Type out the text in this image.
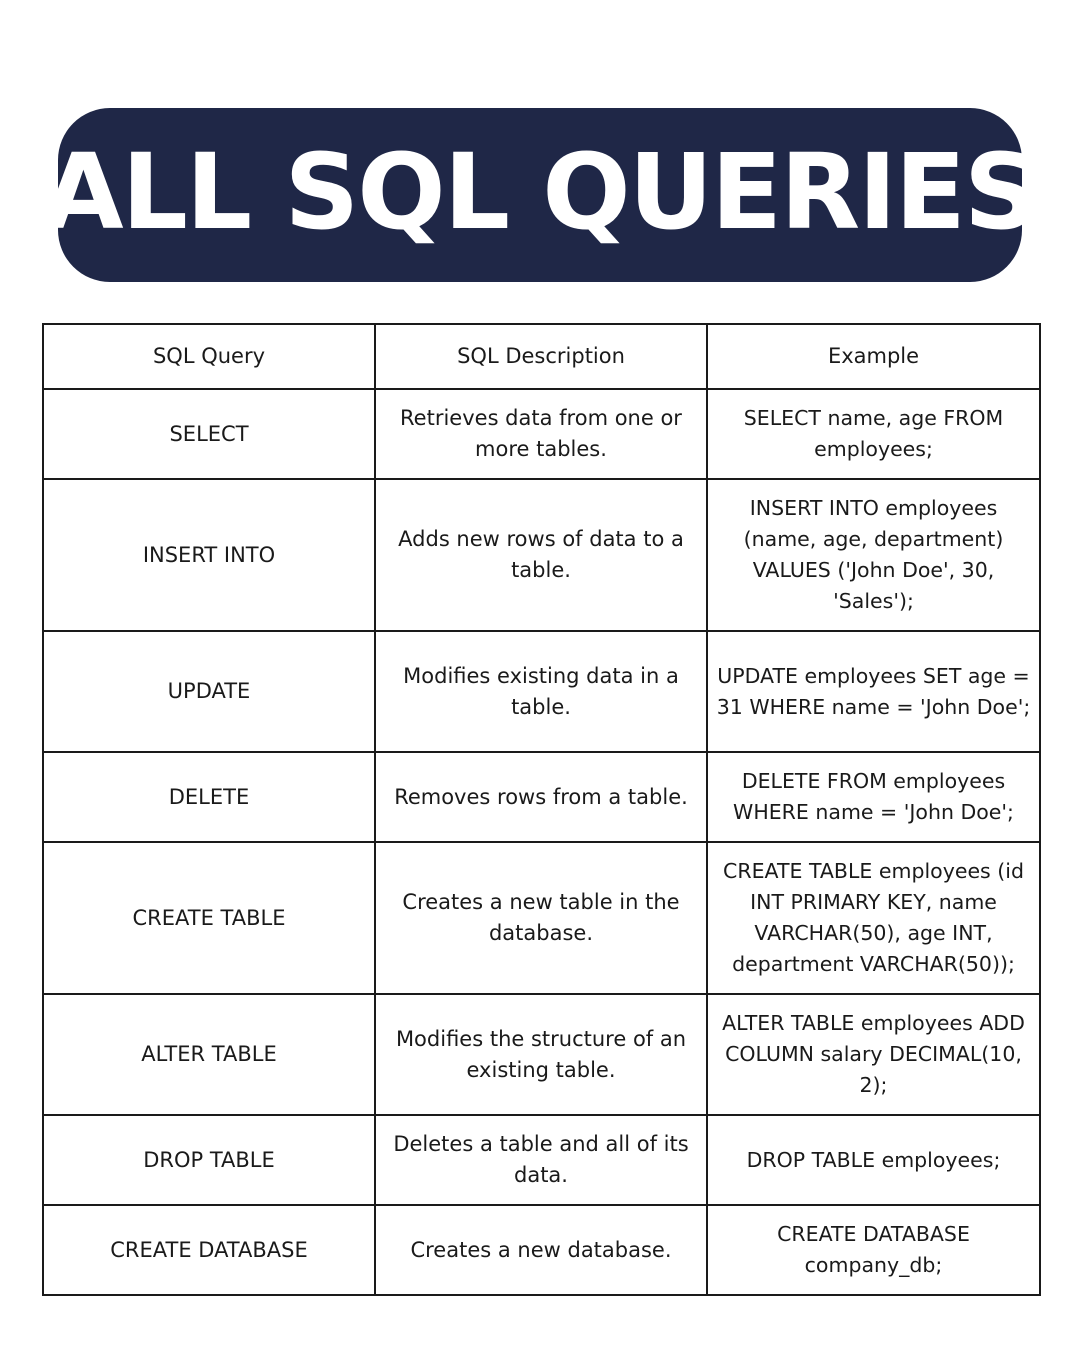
ALL SQL QUERIES
SQL Query	SQL Description	Example
SELECT	Retrieves data from one or more tables.	SELECT name, age FROM employees;
INSERT INTO	Adds new rows of data to a table.	INSERT INTO employees (name, age, department) VALUES ('John Doe', 30, 'Sales');
UPDATE	Modifies existing data in a table.	UPDATE employees SET age = 31 WHERE name = 'John Doe';
DELETE	Removes rows from a table.	DELETE FROM employees WHERE name = 'John Doe';
CREATE TABLE	Creates a new table in the database.	CREATE TABLE employees (id INT PRIMARY KEY, name VARCHAR(50), age INT, department VARCHAR(50));
ALTER TABLE	Modifies the structure of an existing table.	ALTER TABLE employees ADD COLUMN salary DECIMAL(10, 2);
DROP TABLE	Deletes a table and all of its data.	DROP TABLE employees;
CREATE DATABASE	Creates a new database.	CREATE DATABASE company_db;
